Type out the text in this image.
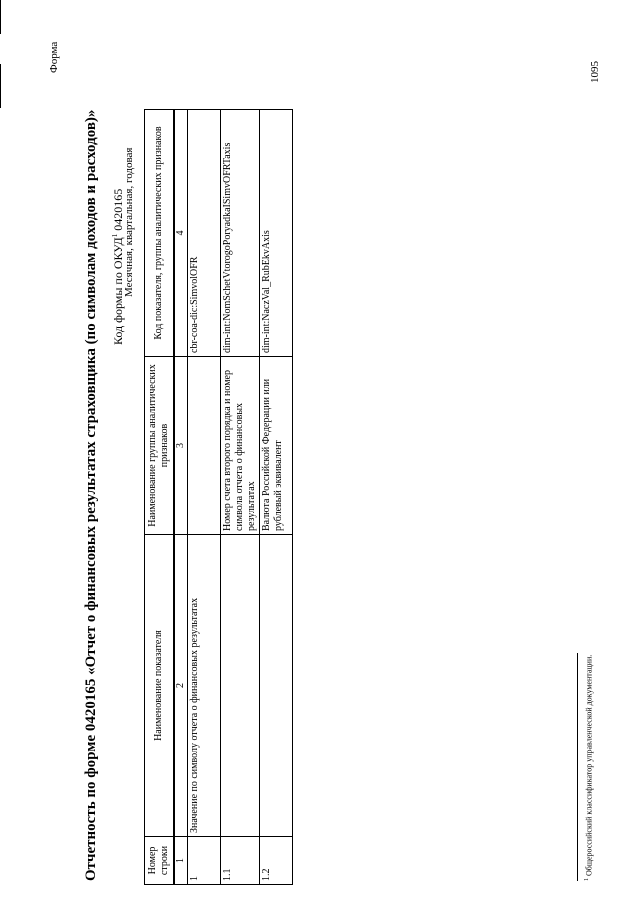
Форма
Отчетность по форме 0420165 «Отчет о финансовых результатах страховщика (по символам доходов и расходов)» Код формы по ОКУД$^1$ 0420165
Месячная, квартальная, годовая
Номер строки	Наименование показателя	Наименование группы аналитических признаков	Код показателя, группы аналитических признаков
1	2	3	4
1	Значение по символу отчета о финансовых результатах		cbr-coa-dic:SimvolOFR
1.1		Номер счета второго порядка и номер символа отчета о финансовых результатах	dim-int:NomSchetVtorogoPoryadkaISimvOFRTaxis
1.2		Валюта Российской Федерации или рублевый эквивалент	dim-int:NaczVal_RubEkvAxis
$^1$ Общероссийский классификатор управленческой документации.
1095
